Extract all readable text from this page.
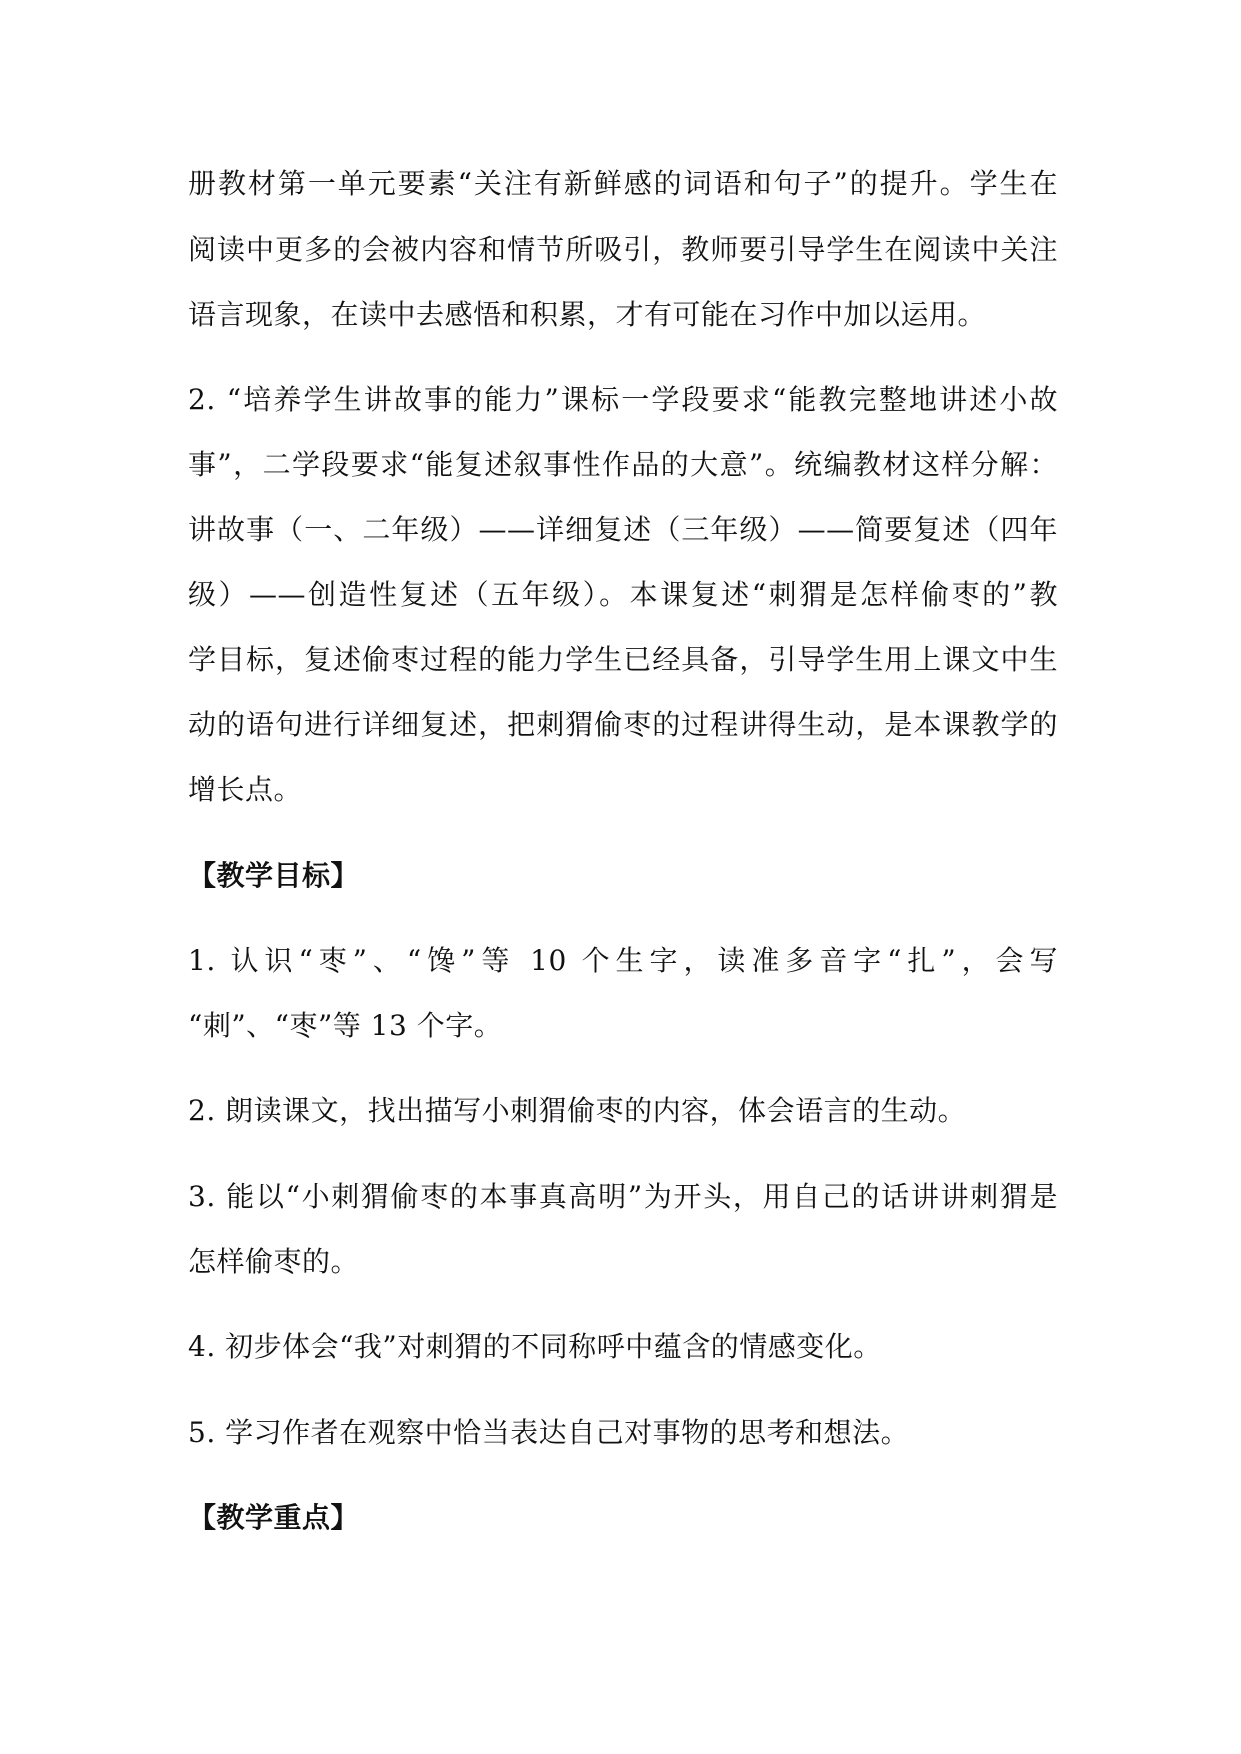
册教材第一单元要素“关注有新鲜感的词语和句子”的提升。学生在
阅读中更多的会被内容和情节所吸引，教师要引导学生在阅读中关注
语言现象，在读中去感悟和积累，才有可能在习作中加以运用。
2. “培养学生讲故事的能力”课标一学段要求“能教完整地讲述小故
事”，二学段要求“能复述叙事性作品的大意”。统编教材这样分解：
讲故事（一、二年级）——详细复述（三年级）——简要复述（四年
级）——创造性复述（五年级）。本课复述“刺猬是怎样偷枣的”教
学目标，复述偷枣过程的能力学生已经具备，引导学生用上课文中生
动的语句进行详细复述，把刺猬偷枣的过程讲得生动，是本课教学的
增长点。
【教学目标】
1. 认识“枣”、“馋”等 10 个生字，读准多音字“扎”，会写
“刺”、“枣”等 13 个字。
2. 朗读课文，找出描写小刺猬偷枣的内容，体会语言的生动。
3. 能以“小刺猬偷枣的本事真高明”为开头，用自己的话讲讲刺猬是
怎样偷枣的。
4. 初步体会“我”对刺猬的不同称呼中蕴含的情感变化。
5. 学习作者在观察中恰当表达自己对事物的思考和想法。
【教学重点】
